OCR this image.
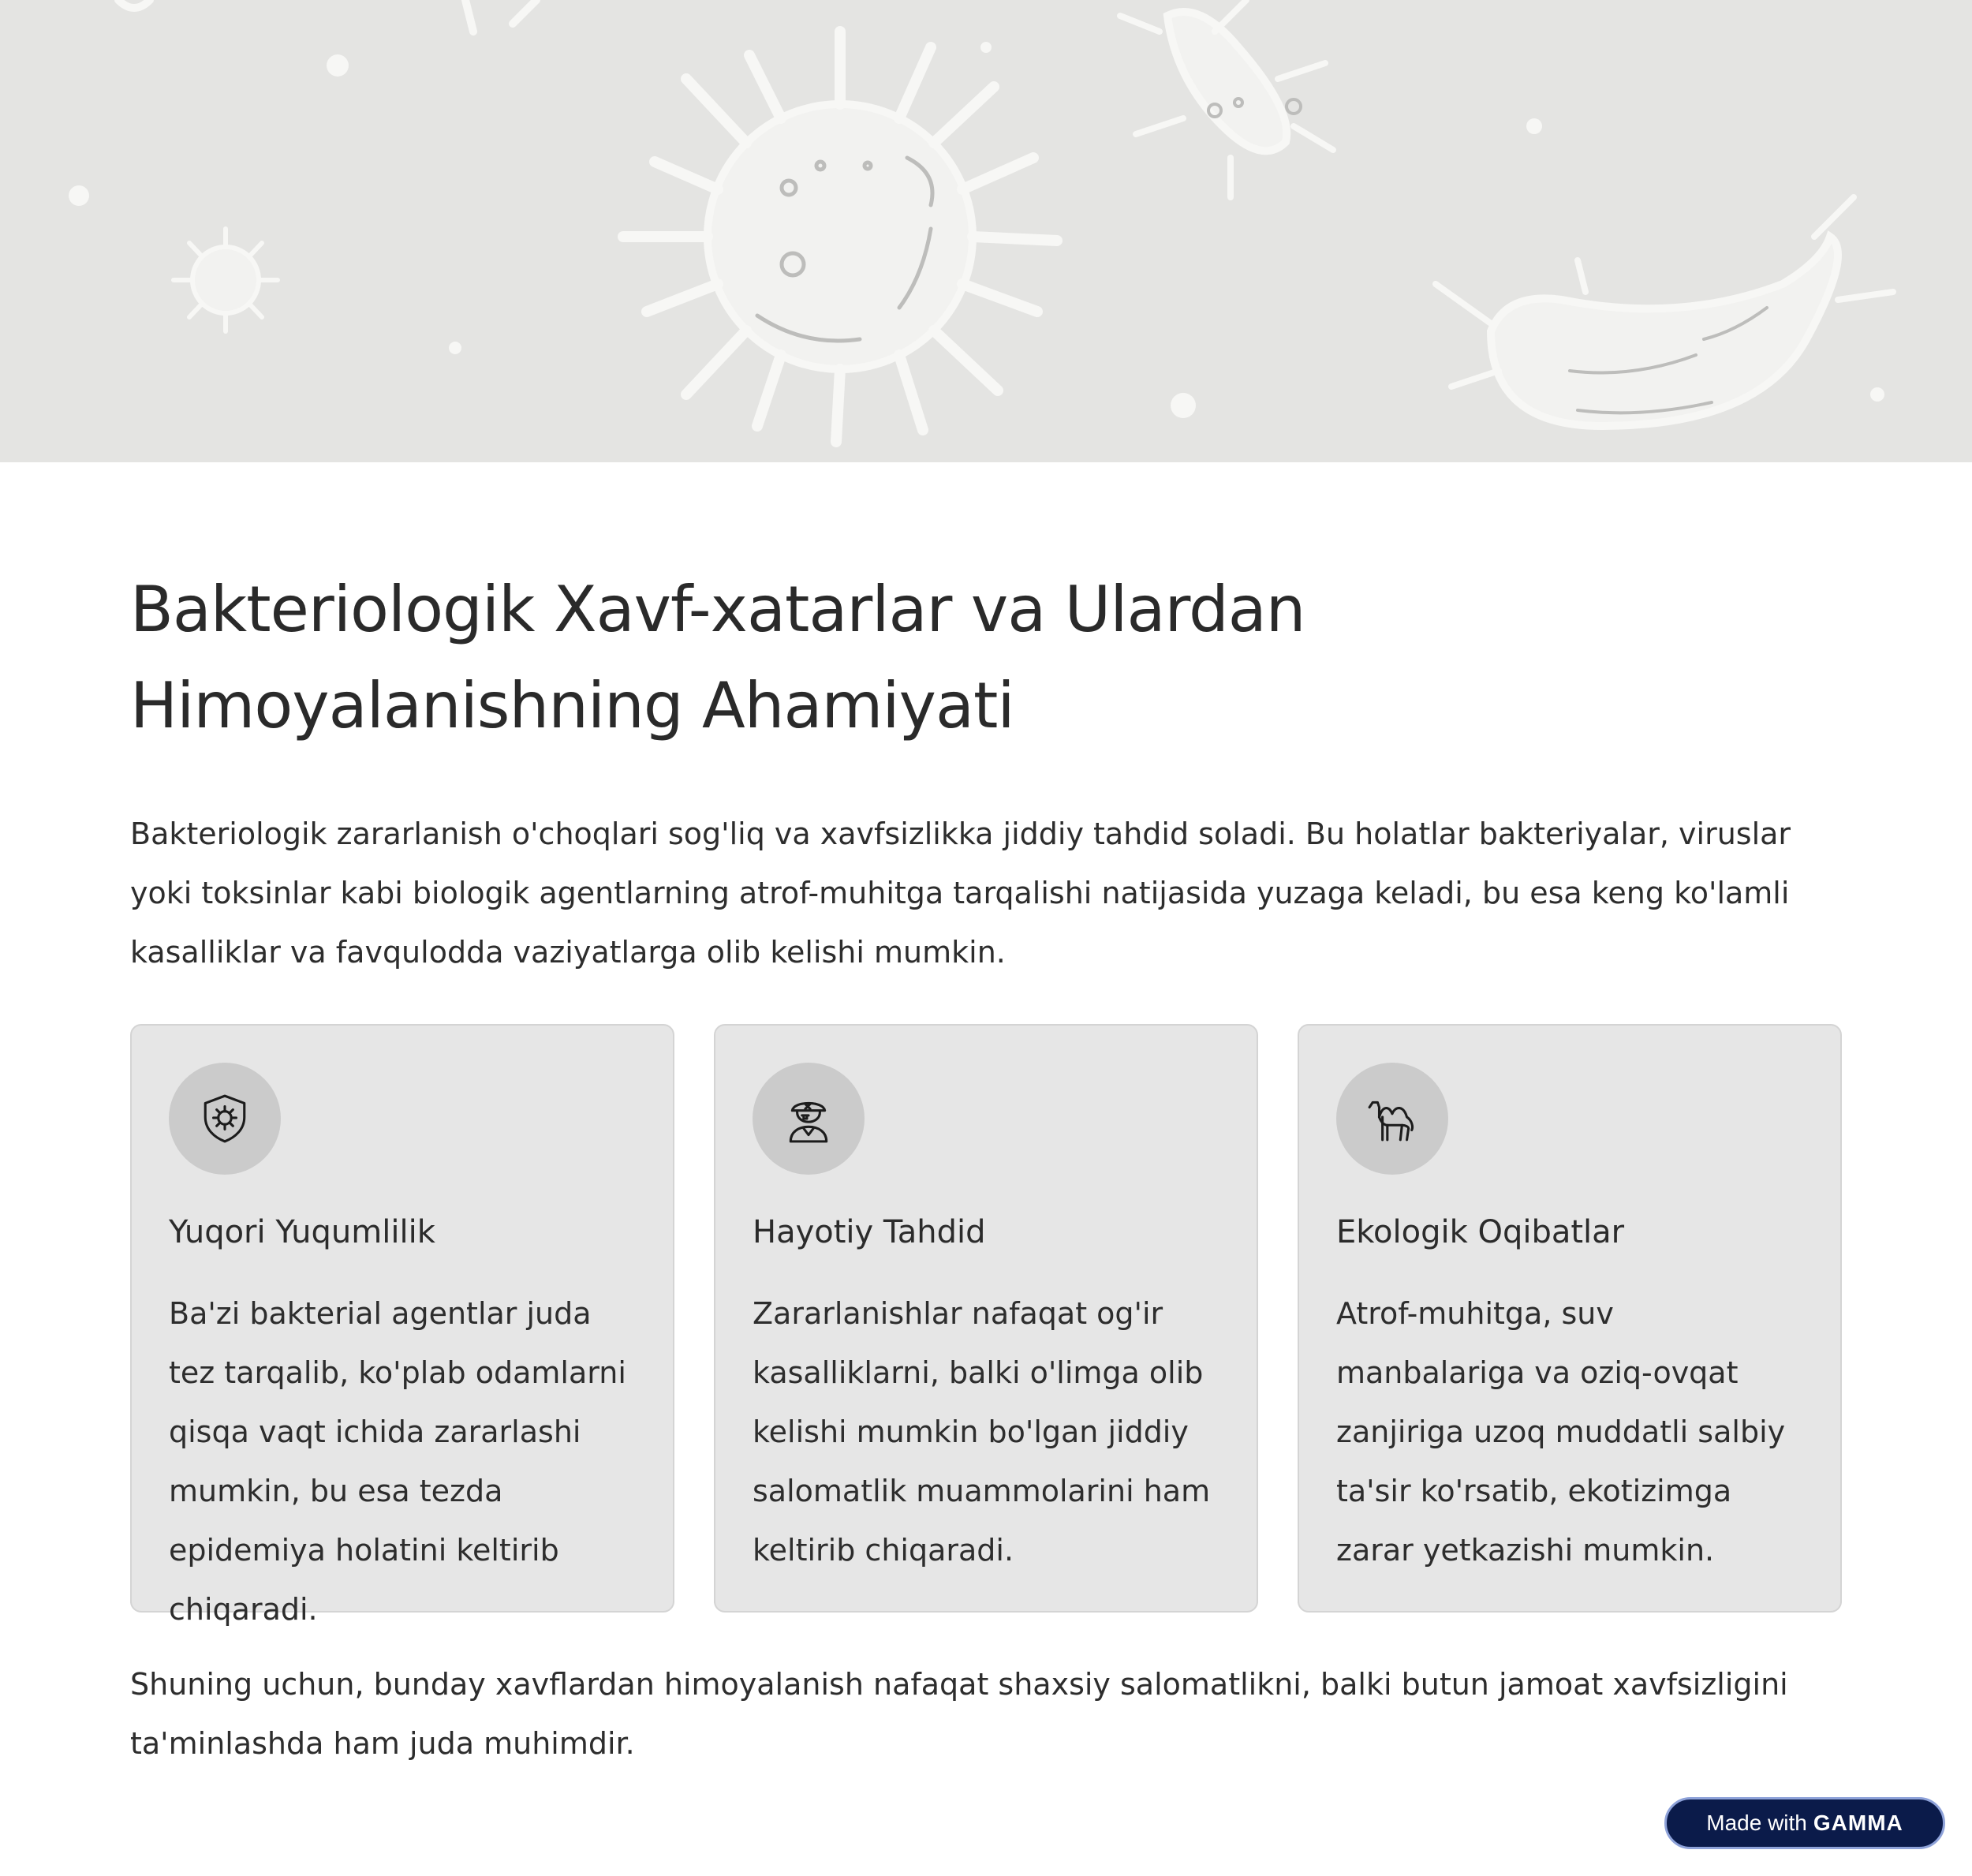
Bakteriologik Xavf-xatarlar va Ulardan Himoyalanishning Ahamiyati

Bakteriologik zararlanish o'choqlari sog'liq va xavfsizlikka jiddiy tahdid soladi. Bu holatlar bakteriyalar, viruslar yoki toksinlar kabi biologik agentlarning atrof-muhitga tarqalishi natijasida yuzaga keladi, bu esa keng ko'lamli kasalliklar va favqulodda vaziyatlarga olib kelishi mumkin.

Yuqori Yuqumlilik

Ba'zi bakterial agentlar juda tez tarqalib, ko'plab odamlarni qisqa vaqt ichida zararlashi mumkin, bu esa tezda epidemiya holatini keltirib chiqaradi.

Hayotiy Tahdid

Zararlanishlar nafaqat og'ir kasalliklarni, balki o'limga olib kelishi mumkin bo'lgan jiddiy salomatlik muammolarini ham keltirib chiqaradi.

Ekologik Oqibatlar

Atrof-muhitga, suv manbalariga va oziq-ovqat zanjiriga uzoq muddatli salbiy ta'sir ko'rsatib, ekotizimga zarar yetkazishi mumkin.

Shuning uchun, bunday xavflardan himoyalanish nafaqat shaxsiy salomatlikni, balki butun jamoat xavfsizligini ta'minlashda ham juda muhimdir.

Made with GAMMA
